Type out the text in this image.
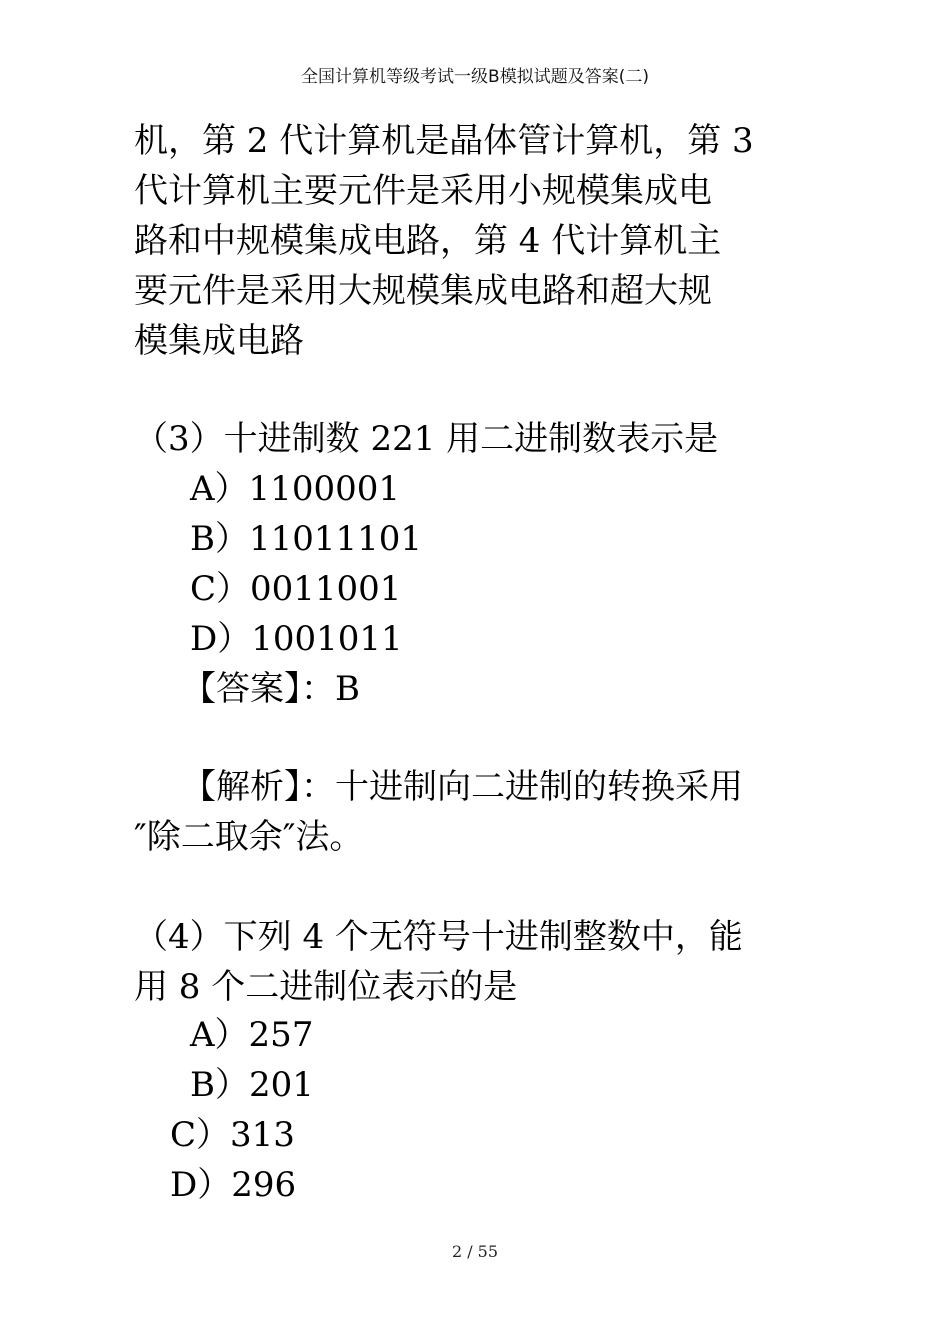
全国计算机等级考试一级B模拟试题及答案(二)
机，第 2 代计算机是晶体管计算机，第 3
代计算机主要元件是采用小规模集成电
路和中规模集成电路，第 4 代计算机主
要元件是采用大规模集成电路和超大规
模集成电路
（3）十进制数 221 用二进制数表示是
A）1100001
B）11011101
C）0011001
D）1001011
【答案】：B
【解析】：十进制向二进制的转换采用
″除二取余″法。
（4）下列 4 个无符号十进制整数中，能
用 8 个二进制位表示的是
A）257
B）201
C）313
D）296
2 / 55
